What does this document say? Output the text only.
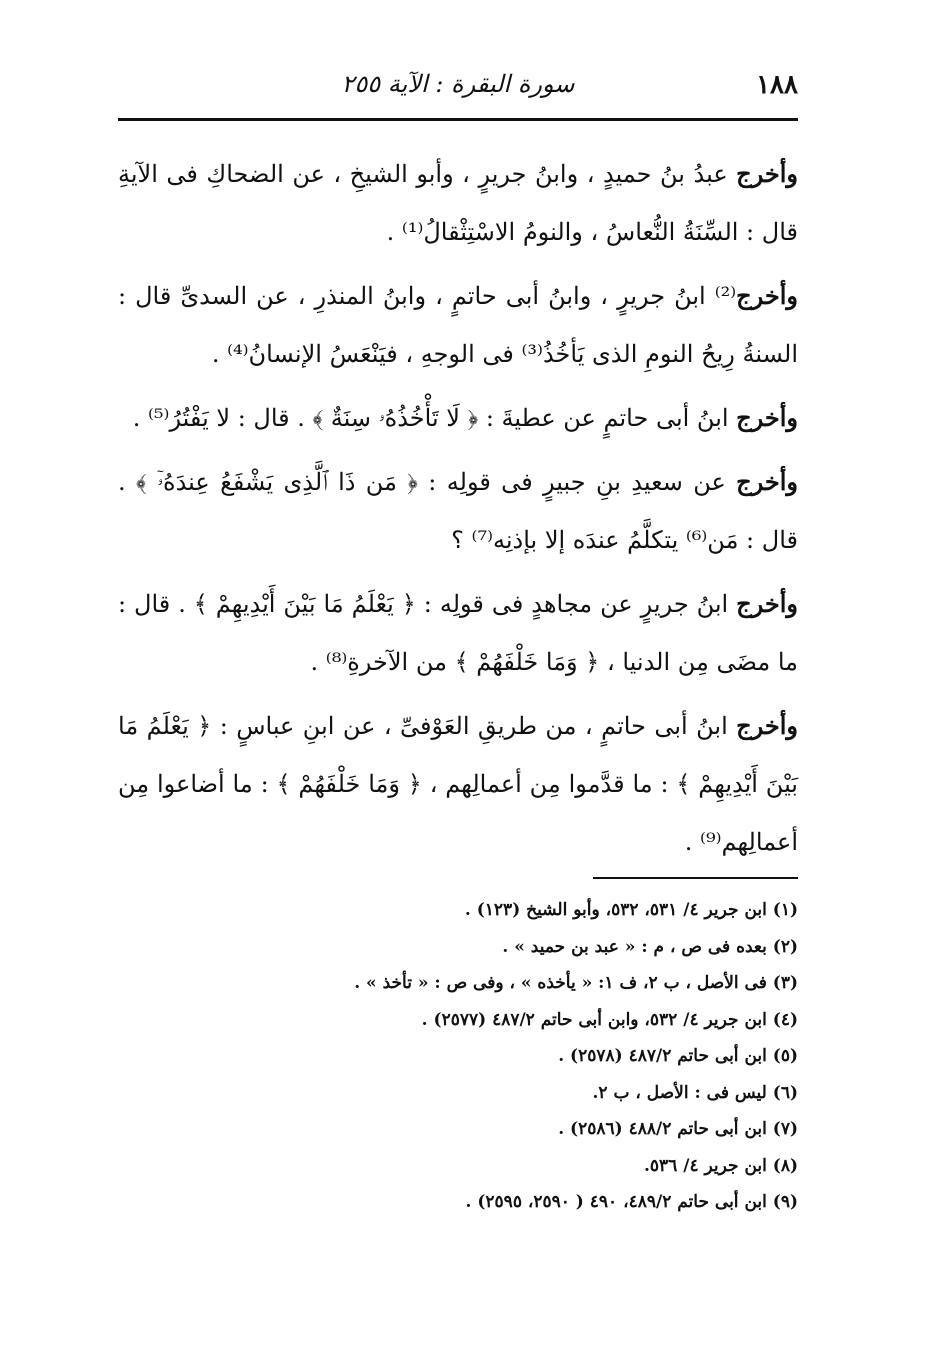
١٨٨
سورة البقرة : الآية ٢٥٥

وأخرج عبدُ بنُ حميدٍ ، وابنُ جريرٍ ، وأبو الشيخِ ، عن الضحاكِ فى الآيةِ قال : السِّنَةُ النُّعاسُ ، والنومُ الاسْتِثْقالُ⁽¹⁾ .

وأخرج⁽²⁾ ابنُ جريرٍ ، وابنُ أبى حاتمٍ ، وابنُ المنذرِ ، عن السدىِّ قال : السنةُ رِيحُ النومِ الذى يَأخُذُ⁽³⁾ فى الوجهِ ، فيَنْعَسُ الإنسانُ⁽⁴⁾ .

وأخرج ابنُ أبى حاتمٍ عن عطيةَ : ﴿ لَا تَأْخُذُهُۥ سِنَةٌ ﴾ . قال : لا يَفْتُرُ⁽⁵⁾ .

وأخرج عن سعيدِ بنِ جبيرٍ فى قولِه : ﴿ مَن ذَا ٱلَّذِى يَشْفَعُ عِندَهُۥٓ ﴾ . قال : مَن⁽⁶⁾ يتكلَّمُ عندَه إلا بإذنِه⁽⁷⁾ ؟

وأخرج ابنُ جريرٍ عن مجاهدٍ فى قولِه : ﴿ يَعْلَمُ مَا بَيْنَ أَيْدِيهِمْ ﴾ . قال : ما مضَى مِن الدنيا ، ﴿ وَمَا خَلْفَهُمْ ﴾ من الآخرةِ⁽⁸⁾ .

وأخرج ابنُ أبى حاتمٍ ، من طريقِ العَوْفىِّ ، عن ابنِ عباسٍ : ﴿ يَعْلَمُ مَا بَيْنَ أَيْدِيهِمْ ﴾ : ما قدَّموا مِن أعمالِهم ، ﴿ وَمَا خَلْفَهُمْ ﴾ : ما أضاعوا مِن أعمالِهم⁽⁹⁾ .

(١) ابن جرير ٤/ ٥٣١، ٥٣٢، وأبو الشيخ (١٢٣) .
(٢) بعده فى ص ، م : « عبد بن حميد » .
(٣) فى الأصل ، ب ٢، ف ١: « يأخذه » ، وفى ص : « تأخذ » .
(٤) ابن جرير ٤/ ٥٣٢، وابن أبى حاتم ٤٨٧/٢ (٢٥٧٧) .
(٥) ابن أبى حاتم ٤٨٧/٢ (٢٥٧٨) .
(٦) ليس فى : الأصل ، ب ٢.
(٧) ابن أبى حاتم ٤٨٨/٢ (٢٥٨٦) .
(٨) ابن جرير ٤/ ٥٣٦.
(٩) ابن أبى حاتم ٤٨٩/٢، ٤٩٠ ( ٢٥٩٠، ٢٥٩٥) .
